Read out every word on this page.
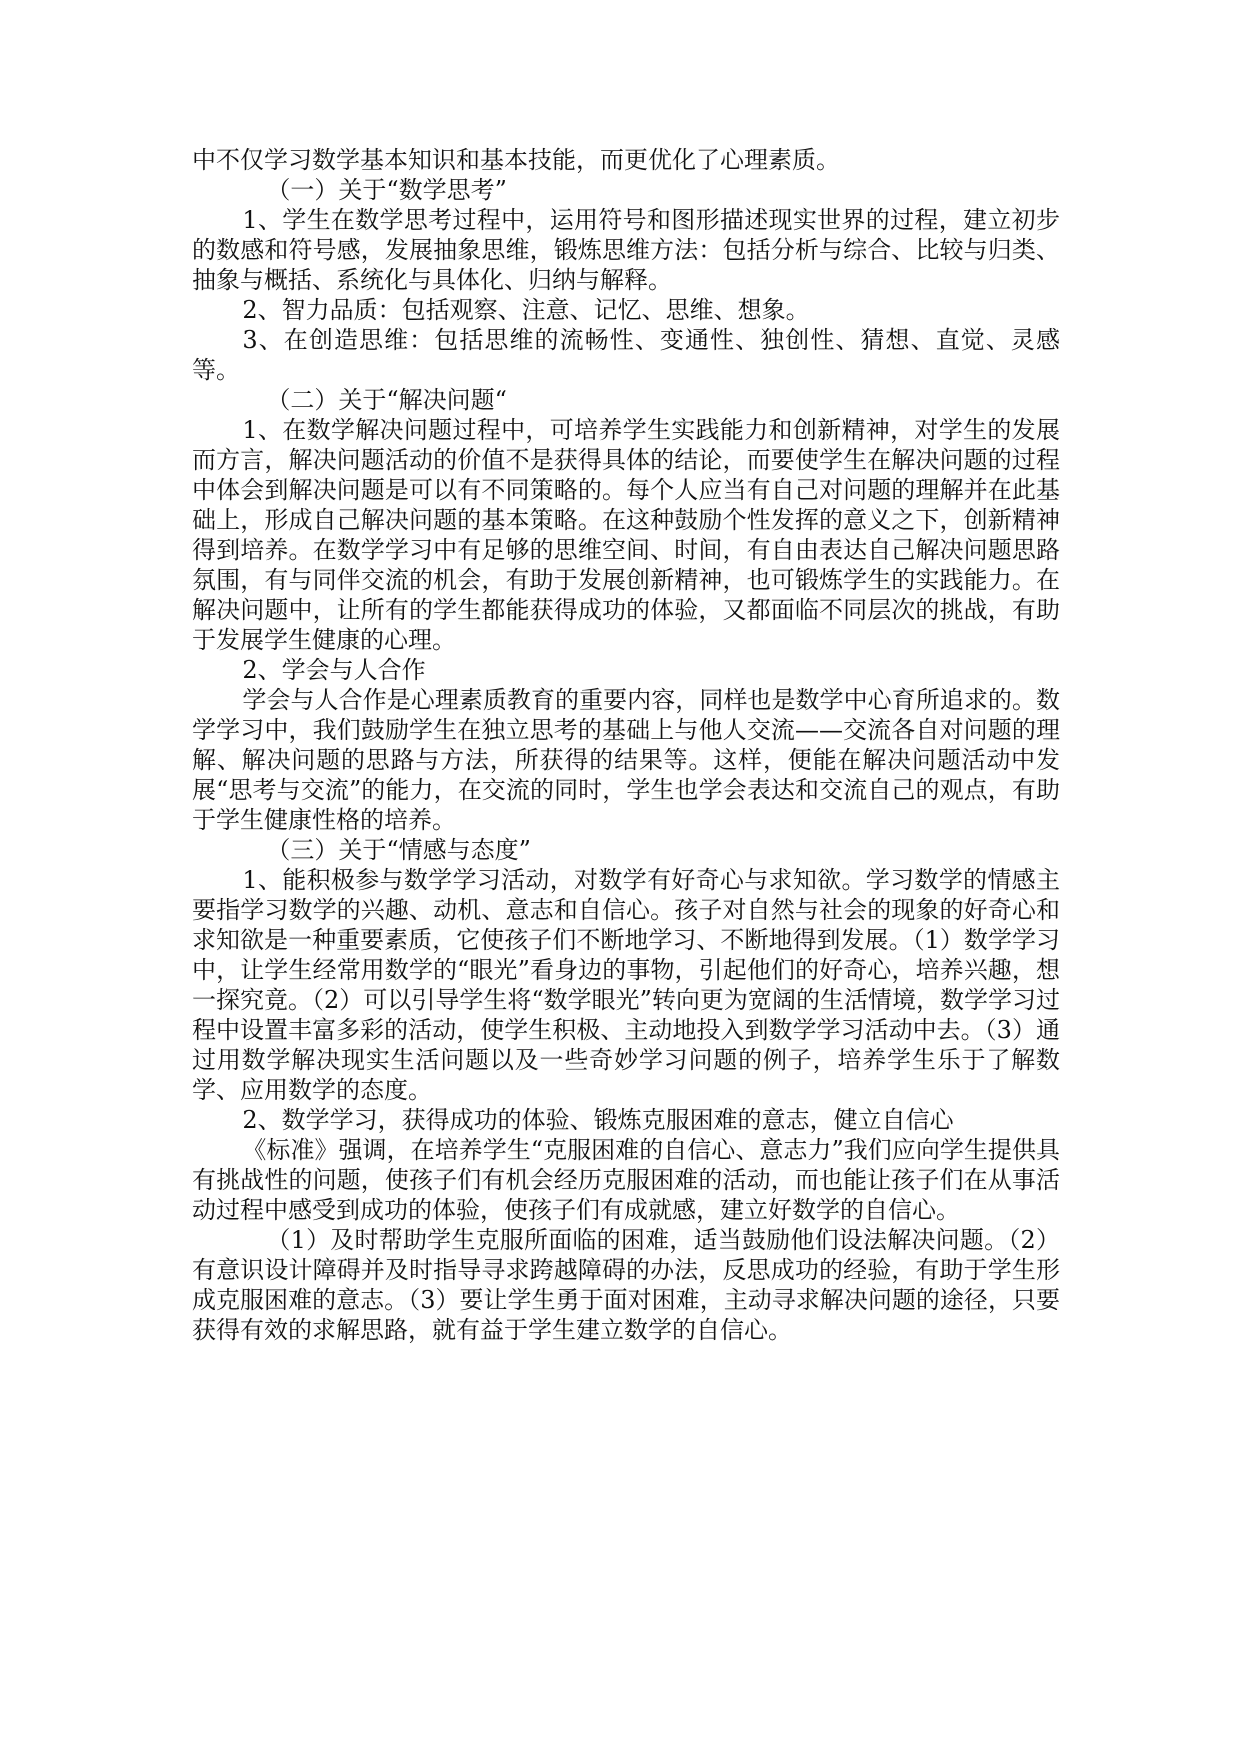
中不仅学习数学基本知识和基本技能，而更优化了心理素质。

（一）关于“数学思考”

1、学生在数学思考过程中，运用符号和图形描述现实世界的过程，建立初步的数感和符号感，发展抽象思维，锻炼思维方法：包括分析与综合、比较与归类、抽象与概括、系统化与具体化、归纳与解释。

2、智力品质：包括观察、注意、记忆、思维、想象。

3、在创造思维：包括思维的流畅性、变通性、独创性、猜想、直觉、灵感等。

（二）关于“解决问题“

1、在数学解决问题过程中，可培养学生实践能力和创新精神，对学生的发展而方言，解决问题活动的价值不是获得具体的结论，而要使学生在解决问题的过程中体会到解决问题是可以有不同策略的。每个人应当有自己对问题的理解并在此基础上，形成自己解决问题的基本策略。在这种鼓励个性发挥的意义之下，创新精神得到培养。在数学学习中有足够的思维空间、时间，有自由表达自己解决问题思路氛围，有与同伴交流的机会，有助于发展创新精神，也可锻炼学生的实践能力。在解决问题中，让所有的学生都能获得成功的体验，又都面临不同层次的挑战，有助于发展学生健康的心理。

2、学会与人合作

学会与人合作是心理素质教育的重要内容，同样也是数学中心育所追求的。数学学习中，我们鼓励学生在独立思考的基础上与他人交流——交流各自对问题的理解、解决问题的思路与方法，所获得的结果等。这样，便能在解决问题活动中发展“思考与交流”的能力，在交流的同时，学生也学会表达和交流自己的观点，有助于学生健康性格的培养。

（三）关于“情感与态度”

1、能积极参与数学学习活动，对数学有好奇心与求知欲。学习数学的情感主要指学习数学的兴趣、动机、意志和自信心。孩子对自然与社会的现象的好奇心和求知欲是一种重要素质，它使孩子们不断地学习、不断地得到发展。（1）数学学习中，让学生经常用数学的“眼光”看身边的事物，引起他们的好奇心，培养兴趣，想一探究竟。（2）可以引导学生将“数学眼光”转向更为宽阔的生活情境，数学学习过程中设置丰富多彩的活动，使学生积极、主动地投入到数学学习活动中去。（3）通过用数学解决现实生活问题以及一些奇妙学习问题的例子，培养学生乐于了解数学、应用数学的态度。

2、数学学习，获得成功的体验、锻炼克服困难的意志，健立自信心

《标准》强调，在培养学生“克服困难的自信心、意志力”我们应向学生提供具有挑战性的问题，使孩子们有机会经历克服困难的活动，而也能让孩子们在从事活动过程中感受到成功的体验，使孩子们有成就感，建立好数学的自信心。

（1）及时帮助学生克服所面临的困难，适当鼓励他们设法解决问题。（2）有意识设计障碍并及时指导寻求跨越障碍的办法，反思成功的经验，有助于学生形成克服困难的意志。（3）要让学生勇于面对困难，主动寻求解决问题的途径，只要获得有效的求解思路，就有益于学生建立数学的自信心。
